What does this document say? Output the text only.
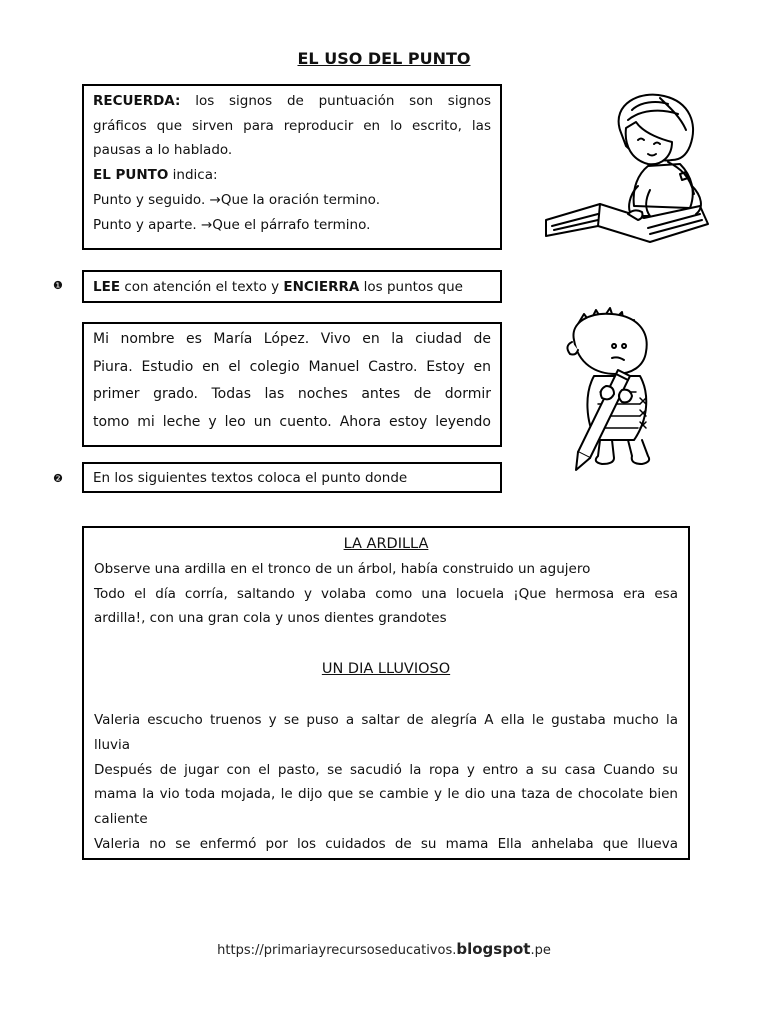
EL USO DEL PUNTO

RECUERDA: los signos de puntuación son signos

gráficos que sirven para reproducir en lo escrito, las

pausas a lo hablado.

EL PUNTO indica:

Punto y seguido. →Que la oración termino.

Punto y aparte. →Que el párrafo termino.

❶ LEE con atención el texto y ENCIERRA los puntos que

Mi nombre es María López. Vivo en la ciudad de

Piura. Estudio en el colegio Manuel Castro. Estoy en

primer grado. Todas las noches antes de dormir

tomo mi leche y leo un cuento. Ahora estoy leyendo

❷ En los siguientes textos coloca el punto donde

LA ARDILLA

Observe una ardilla en el tronco de un árbol, había construido un agujero

Todo el día corría, saltando y volaba como una locuela ¡Que hermosa era esa

ardilla!, con una gran cola y unos dientes grandotes

UN DIA LLUVIOSO

Valeria escucho truenos y se puso a saltar de alegría A ella le gustaba mucho la

lluvia

Después de jugar con el pasto, se sacudió la ropa y entro a su casa Cuando su

mama la vio toda mojada, le dijo que se cambie y le dio una taza de chocolate bien

caliente

Valeria no se enfermó por los cuidados de su mama Ella anhelaba que llueva

https://primariayrecursoseducativos.blogspot.pe
